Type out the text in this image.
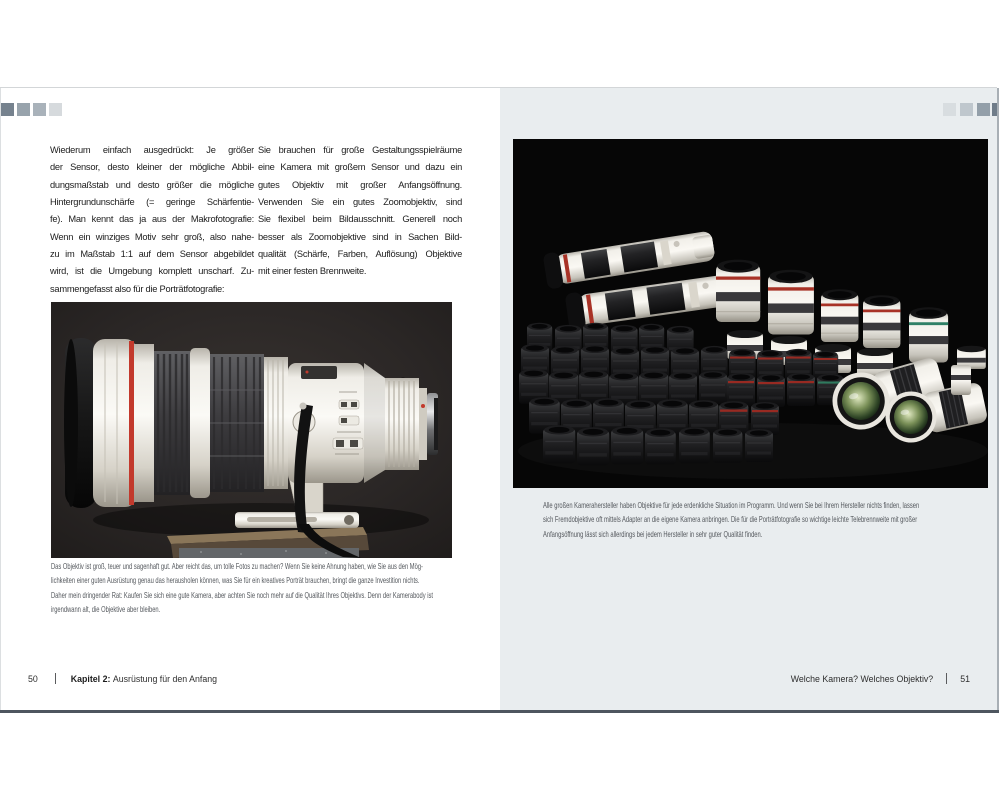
Wiederum einfach ausgedrückt: Je größer
der Sensor, desto kleiner der mögliche Abbil-
dungsmaßstab und desto größer die mögliche
Hintergrundunschärfe (= geringe Schärfentie-
fe). Man kennt das ja aus der Makrofotografie:
Wenn ein winziges Motiv sehr groß, also nahe-
zu im Maßstab 1:1 auf dem Sensor abgebildet
wird, ist die Umgebung komplett unscharf. Zu-
sammengefasst also für die Porträtfotografie:
Sie brauchen für große Gestaltungsspielräume
eine Kamera mit großem Sensor und dazu ein
gutes Objektiv mit großer Anfangsöffnung.
Verwenden Sie ein gutes Zoomobjektiv, sind
Sie flexibel beim Bildausschnitt. Generell noch
besser als Zoomobjektive sind in Sachen Bild-
qualität (Schärfe, Farben, Auflösung) Objektive
mit einer festen Brennweite.
Das Objektiv ist groß, teuer und sagenhaft gut. Aber reicht das, um tolle Fotos zu machen? Wenn Sie keine Ahnung haben, wie Sie aus den Mög-
lichkeiten einer guten Ausrüstung genau das herausholen können, was Sie für ein kreatives Porträt brauchen, bringt die ganze Investition nichts.
Daher mein dringender Rat: Kaufen Sie sich eine gute Kamera, aber achten Sie noch mehr auf die Qualität Ihres Objektivs. Denn der Kamerabody ist
irgendwann alt, die Objektive aber bleiben.
50	Kapitel 2: Ausrüstung für den Anfang
Alle großen Kamerahersteller haben Objektive für jede erdenkliche Situation im Programm. Und wenn Sie bei Ihrem Hersteller nichts finden, lassen
sich Fremdobjektive oft mittels Adapter an die eigene Kamera anbringen. Die für die Porträtfotografie so wichtige leichte Telebrennweite mit großer
Anfangsöffnung lässt sich allerdings bei jedem Hersteller in sehr guter Qualität finden.
Welche Kamera? Welches Objektiv?	51
